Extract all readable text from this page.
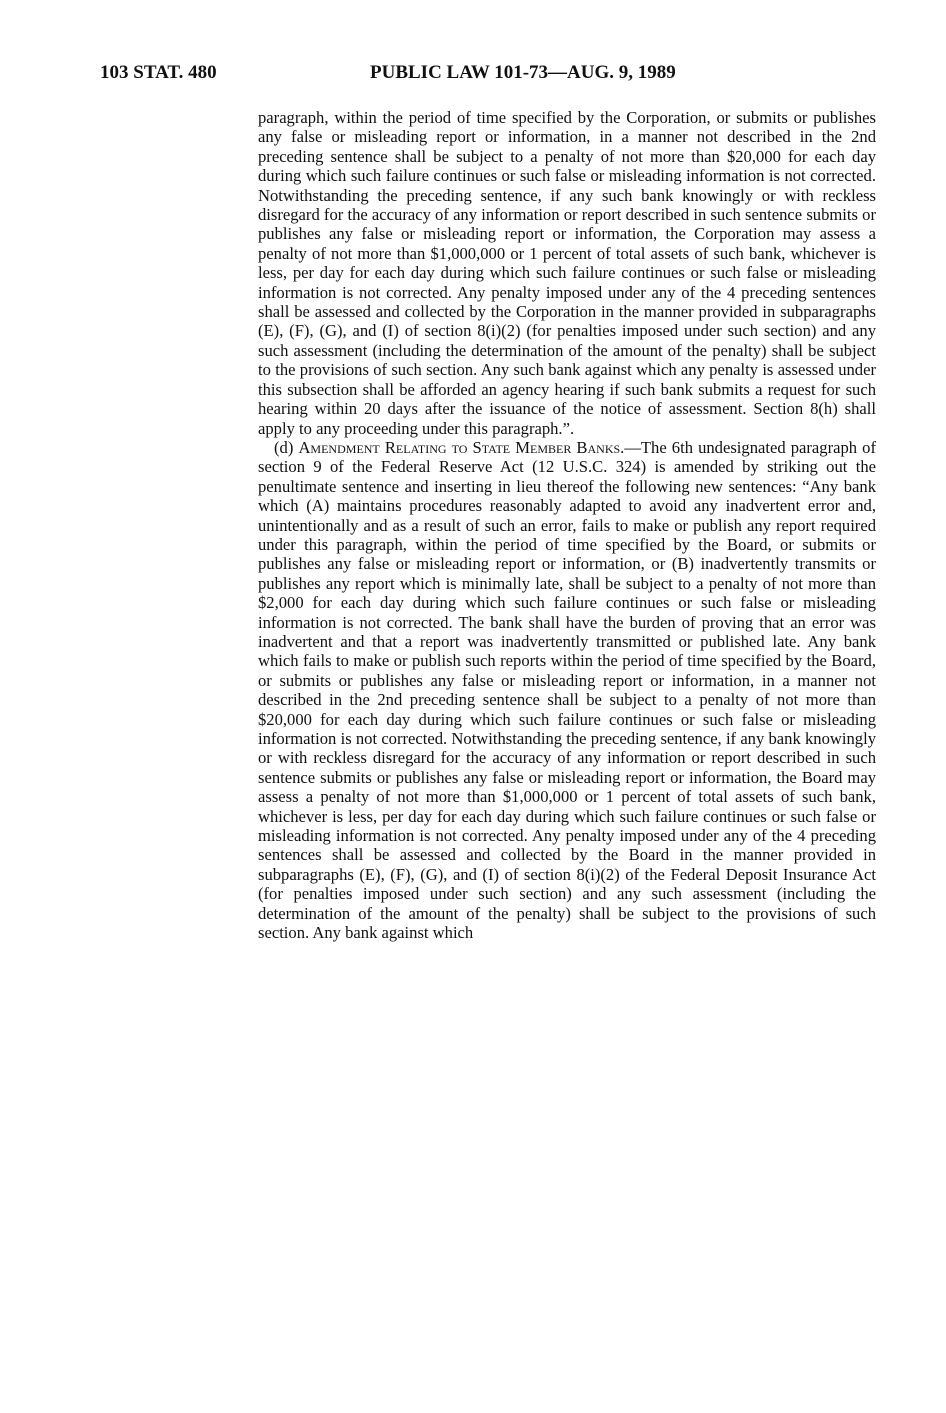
103 STAT. 480	PUBLIC LAW 101-73—AUG. 9, 1989

paragraph, within the period of time specified by the Corporation, or submits or publishes any false or misleading report or information, in a manner not described in the 2nd preceding sentence shall be subject to a penalty of not more than $20,000 for each day during which such failure continues or such false or misleading information is not corrected. Notwithstanding the preceding sentence, if any such bank knowingly or with reckless disregard for the accuracy of any information or report described in such sentence submits or publishes any false or misleading report or information, the Corporation may assess a penalty of not more than $1,000,000 or 1 percent of total assets of such bank, whichever is less, per day for each day during which such failure continues or such false or misleading information is not corrected. Any penalty imposed under any of the 4 preceding sentences shall be assessed and collected by the Corporation in the manner provided in subparagraphs (E), (F), (G), and (I) of section 8(i)(2) (for penalties imposed under such section) and any such assessment (including the determination of the amount of the penalty) shall be subject to the provisions of such section. Any such bank against which any penalty is assessed under this subsection shall be afforded an agency hearing if such bank submits a request for such hearing within 20 days after the issuance of the notice of assessment. Section 8(h) shall apply to any proceeding under this paragraph.”.

(d) Amendment Relating to State Member Banks.—The 6th undesignated paragraph of section 9 of the Federal Reserve Act (12 U.S.C. 324) is amended by striking out the penultimate sentence and inserting in lieu thereof the following new sentences: “Any bank which (A) maintains procedures reasonably adapted to avoid any inadvertent error and, unintentionally and as a result of such an error, fails to make or publish any report required under this paragraph, within the period of time specified by the Board, or submits or publishes any false or misleading report or information, or (B) inadvertently transmits or publishes any report which is minimally late, shall be subject to a penalty of not more than $2,000 for each day during which such failure continues or such false or misleading information is not corrected. The bank shall have the burden of proving that an error was inadvertent and that a report was inadvertently transmitted or published late. Any bank which fails to make or publish such reports within the period of time specified by the Board, or submits or publishes any false or misleading report or information, in a manner not described in the 2nd preceding sentence shall be subject to a penalty of not more than $20,000 for each day during which such failure continues or such false or misleading information is not corrected. Notwithstanding the preceding sentence, if any bank knowingly or with reckless disregard for the accuracy of any information or report described in such sentence submits or publishes any false or misleading report or information, the Board may assess a penalty of not more than $1,000,000 or 1 percent of total assets of such bank, whichever is less, per day for each day during which such failure continues or such false or misleading information is not corrected. Any penalty imposed under any of the 4 preceding sentences shall be assessed and collected by the Board in the manner provided in subparagraphs (E), (F), (G), and (I) of section 8(i)(2) of the Federal Deposit Insurance Act (for penalties imposed under such section) and any such assessment (including the determination of the amount of the penalty) shall be subject to the provisions of such section. Any bank against which
